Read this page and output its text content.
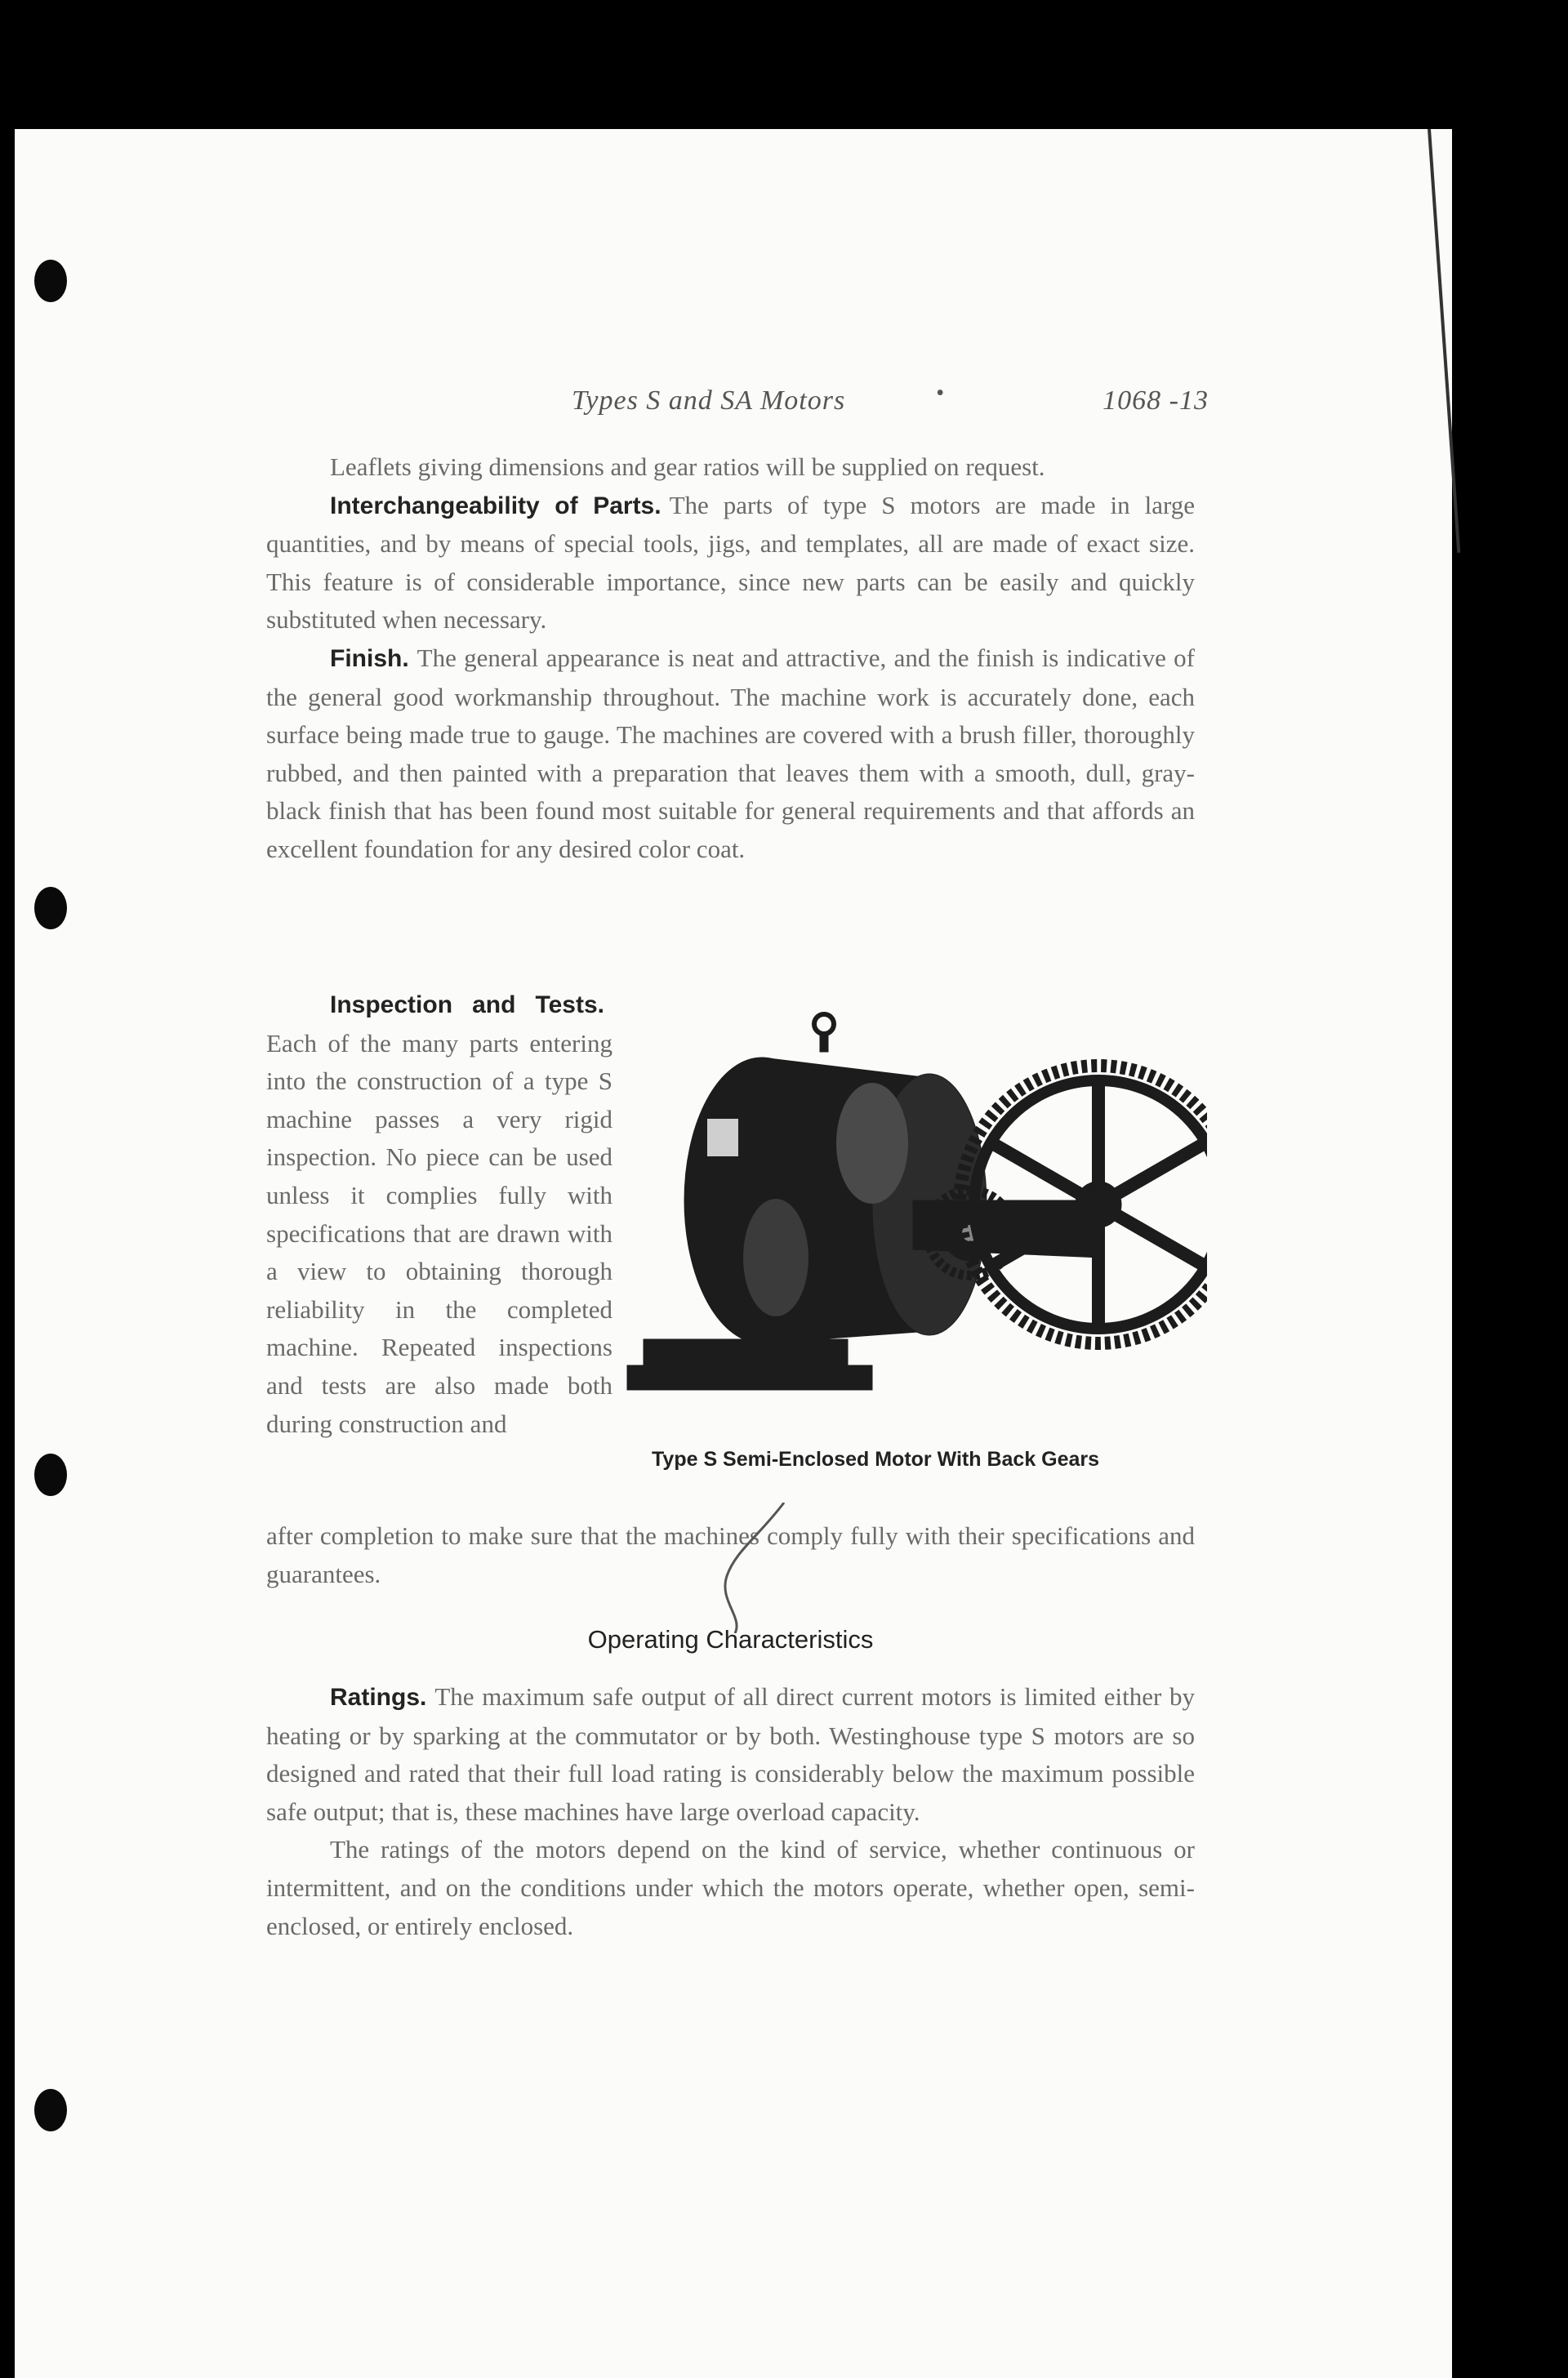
Types S and SA Motors	•	1068 -13

Leaflets giving dimensions and gear ratios will be supplied on request.

Interchangeability of Parts. The parts of type S motors are made in large quantities, and by means of special tools, jigs, and templates, all are made of exact size. This feature is of considerable importance, since new parts can be easily and quickly substituted when necessary.

Finish. The general appearance is neat and attractive, and the finish is indicative of the general good workmanship throughout. The machine work is accurately done, each surface being made true to gauge. The machines are covered with a brush filler, thoroughly rubbed, and then painted with a preparation that leaves them with a smooth, dull, gray-black finish that has been found most suitable for general requirements and that affords an excellent foundation for any desired color coat.

Inspection and Tests. Each of the many parts entering into the construction of a type S machine passes a very rigid inspection. No piece can be used unless it complies fully with specifications that are drawn with a view to obtaining thorough reliability in the completed machine. Repeated inspections and tests are also made both during construction and

Type S Semi-Enclosed Motor With Back Gears
after completion to make sure that the machines comply fully with their specifications and guarantees.
Operating Characteristics

Ratings. The maximum safe output of all direct current motors is limited either by heating or by sparking at the commutator or by both. Westinghouse type S motors are so designed and rated that their full load rating is considerably below the maximum possible safe output; that is, these machines have large overload capacity.

The ratings of the motors depend on the kind of service, whether continuous or intermittent, and on the conditions under which the motors operate, whether open, semi-enclosed, or entirely enclosed.
